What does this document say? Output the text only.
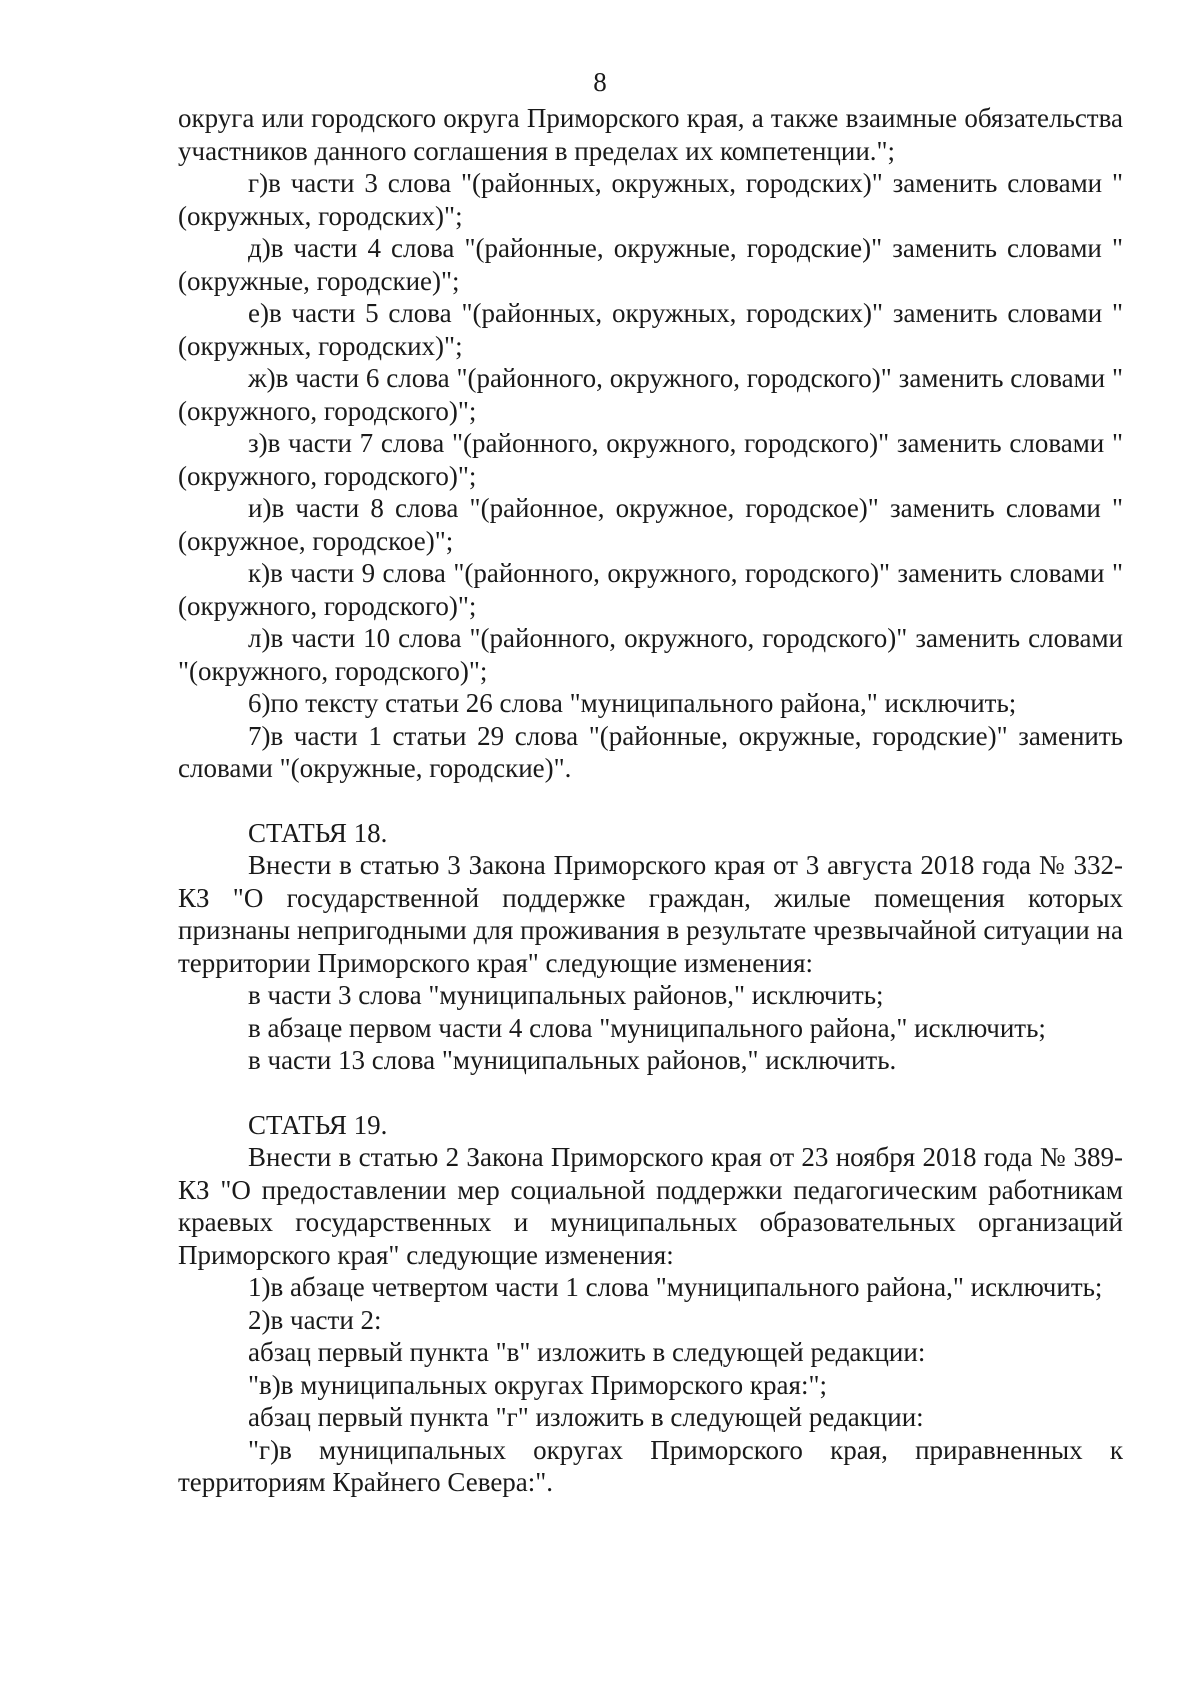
8

округа или городского округа Приморского края, а также взаимные обязательства участников данного соглашения в пределах их компетенции.";

г)в части 3 слова "(районных, окружных, городских)" заменить словами "(окружных, городских)";

д)в части 4 слова "(районные, окружные, городские)" заменить словами "(окружные, городские)";

е)в части 5 слова "(районных, окружных, городских)" заменить словами "(окружных, городских)";

ж)в части 6 слова "(районного, окружного, городского)" заменить словами "(окружного, городского)";

з)в части 7 слова "(районного, окружного, городского)" заменить словами "(окружного, городского)";

и)в части 8 слова "(районное, окружное, городское)" заменить словами "(окружное, городское)";

к)в части 9 слова "(районного, окружного, городского)" заменить словами "(окружного, городского)";

л)в части 10 слова "(районного, окружного, городского)" заменить словами "(окружного, городского)";

6)по тексту статьи 26 слова "муниципального района," исключить;

7)в части 1 статьи 29 слова "(районные, окружные, городские)" заменить словами "(окружные, городские)".

СТАТЬЯ 18.

Внести в статью 3 Закона Приморского края от 3 августа 2018 года № 332-КЗ "О государственной поддержке граждан, жилые помещения которых признаны непригодными для проживания в результате чрезвычайной ситуации на территории Приморского края" следующие изменения:

в части 3 слова "муниципальных районов," исключить;

в абзаце первом части 4 слова "муниципального района," исключить;

в части 13 слова "муниципальных районов," исключить.

СТАТЬЯ 19.

Внести в статью 2 Закона Приморского края от 23 ноября 2018 года № 389-КЗ "О предоставлении мер социальной поддержки педагогическим работникам краевых государственных и муниципальных образовательных организаций Приморского края" следующие изменения:

1)в абзаце четвертом части 1 слова "муниципального района," исключить;

2)в части 2:

абзац первый пункта "в" изложить в следующей редакции:

"в)в муниципальных округах Приморского края:";

абзац первый пункта "г" изложить в следующей редакции:

"г)в муниципальных округах Приморского края, приравненных к территориям Крайнего Севера:".
